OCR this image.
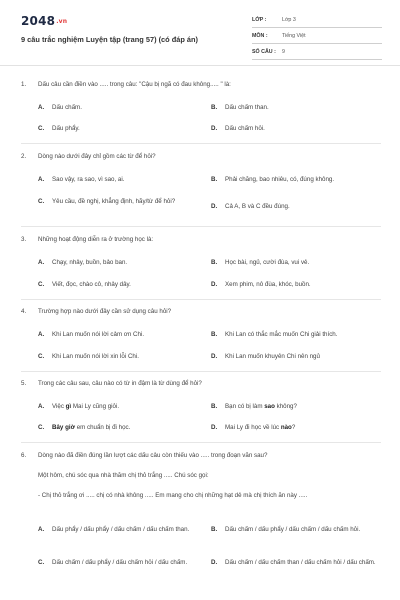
2048.vn
9 câu trắc nghiệm Luyện tập (trang 57) (có đáp án)
LỚP :	Lớp 3
MÔN :	Tiếng Việt
SỐ CÂU :	9
1.	Dấu câu cần điền vào ..... trong câu: "Cậu bị ngã có đau không..... " là:
A.	Dấu chấm.	B.	Dấu chấm than.
C.	Dấu phẩy.	D.	Dấu chấm hỏi.
2.	Dòng nào dưới đây chỉ gồm các từ để hỏi?
A.	Sao vậy, ra sao, vì sao, ai.	B.	Phải chăng, bao nhiêu, có, đúng không.
C.	Yêu cầu, đề nghị, khẳng định, hãy/từ để hỏi?
D.	Cả A, B và C đều đúng.
3.	Những hoạt động diễn ra ở trường học là:
A.	Chạy, nhảy, buồn, bảo ban.	B.	Học bài, ngủ, cười đùa, vui vẻ.
C.	Viết, đọc, chào cô, nhảy dây.	D.	Xem phim, nô đùa, khóc, buồn.
4.	Trường hợp nào dưới đây cần sử dụng câu hỏi?
A.	Khi Lan muốn nói lời cảm ơn Chi.	B.	Khi Lan có thắc mắc muốn Chi giải thích.
C.	Khi Lan muốn nói lời xin lỗi Chi.	D.	Khi Lan muốn khuyên Chi nên ngủ
5.	Trong các câu sau, câu nào có từ in đậm là từ dùng để hỏi?
A.	Việc gì Mai Ly cũng giỏi.	B.	Bạn có bị làm sao không?
C.	Bây giờ em chuẩn bị đi học.	D.	Mai Ly đi học về lúc nào?
6.	Dòng nào đã điền đúng lần lượt các dấu câu còn thiếu vào ..... trong đoạn văn sau?
Một hôm, chú sóc qua nhà thăm chị thỏ trắng ..... Chú sóc gọi:
- Chị thỏ trắng ơi ..... chị có nhà không ..... Em mang cho chị những hạt dẻ mà chị thích ăn này .....
A.	Dấu phẩy / dấu phẩy / dấu chấm / dấu chấm than.	B.	Dấu chấm / dấu phẩy / dấu chấm / dấu chấm hỏi.
C.	Dấu chấm / dấu phẩy / dấu chấm hỏi / dấu chấm.	D.	Dấu chấm / dấu chấm than / dấu chấm hỏi / dấu chấm.
